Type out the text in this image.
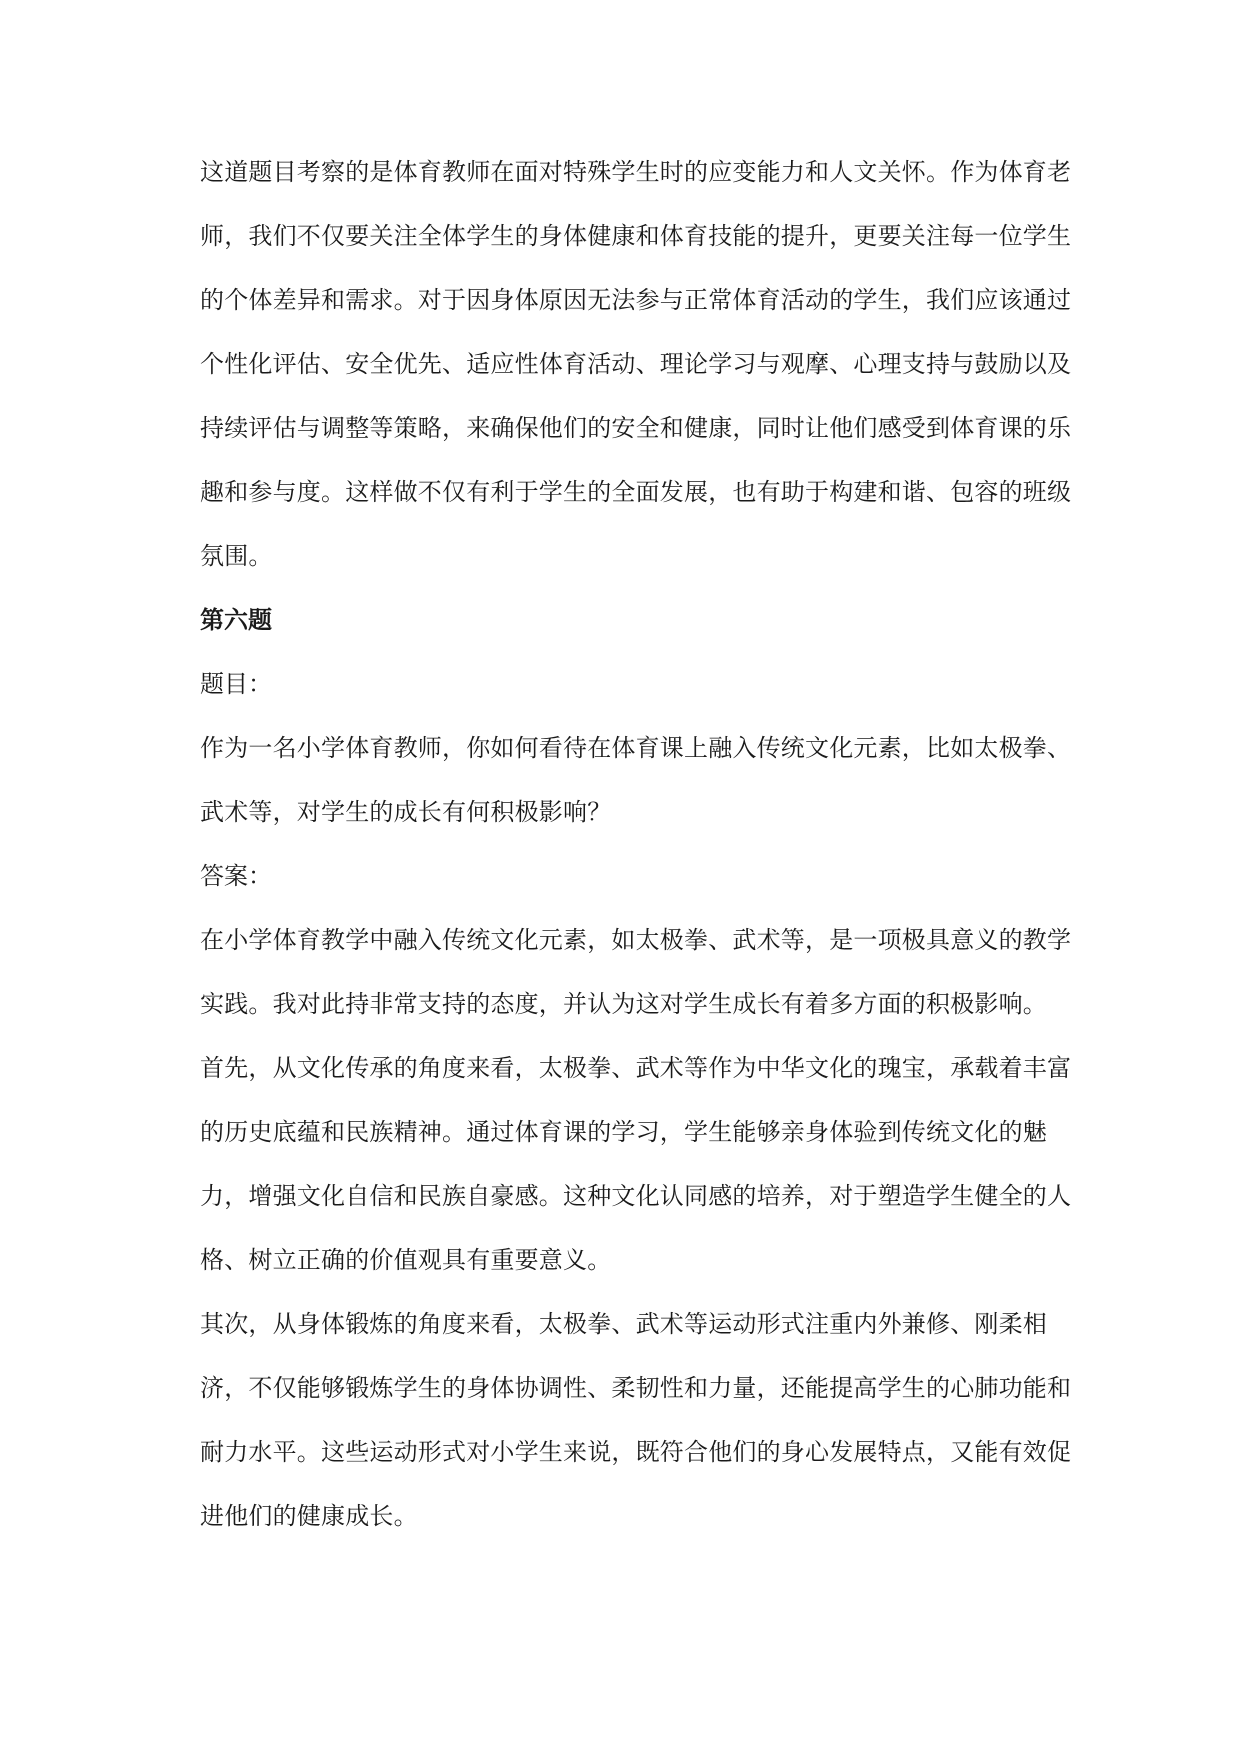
这道题目考察的是体育教师在面对特殊学生时的应变能力和人文关怀。作为体育老师，我们不仅要关注全体学生的身体健康和体育技能的提升，更要关注每一位学生的个体差异和需求。对于因身体原因无法参与正常体育活动的学生，我们应该通过个性化评估、安全优先、适应性体育活动、理论学习与观摩、心理支持与鼓励以及持续评估与调整等策略，来确保他们的安全和健康，同时让他们感受到体育课的乐趣和参与度。这样做不仅有利于学生的全面发展，也有助于构建和谐、包容的班级氛围。

第六题

题目：

作为一名小学体育教师，你如何看待在体育课上融入传统文化元素，比如太极拳、武术等，对学生的成长有何积极影响？

答案：

在小学体育教学中融入传统文化元素，如太极拳、武术等，是一项极具意义的教学实践。我对此持非常支持的态度，并认为这对学生成长有着多方面的积极影响。

首先，从文化传承的角度来看，太极拳、武术等作为中华文化的瑰宝，承载着丰富的历史底蕴和民族精神。通过体育课的学习，学生能够亲身体验到传统文化的魅力，增强文化自信和民族自豪感。这种文化认同感的培养，对于塑造学生健全的人格、树立正确的价值观具有重要意义。

其次，从身体锻炼的角度来看，太极拳、武术等运动形式注重内外兼修、刚柔相济，不仅能够锻炼学生的身体协调性、柔韧性和力量，还能提高学生的心肺功能和耐力水平。这些运动形式对小学生来说，既符合他们的身心发展特点，又能有效促进他们的健康成长。
